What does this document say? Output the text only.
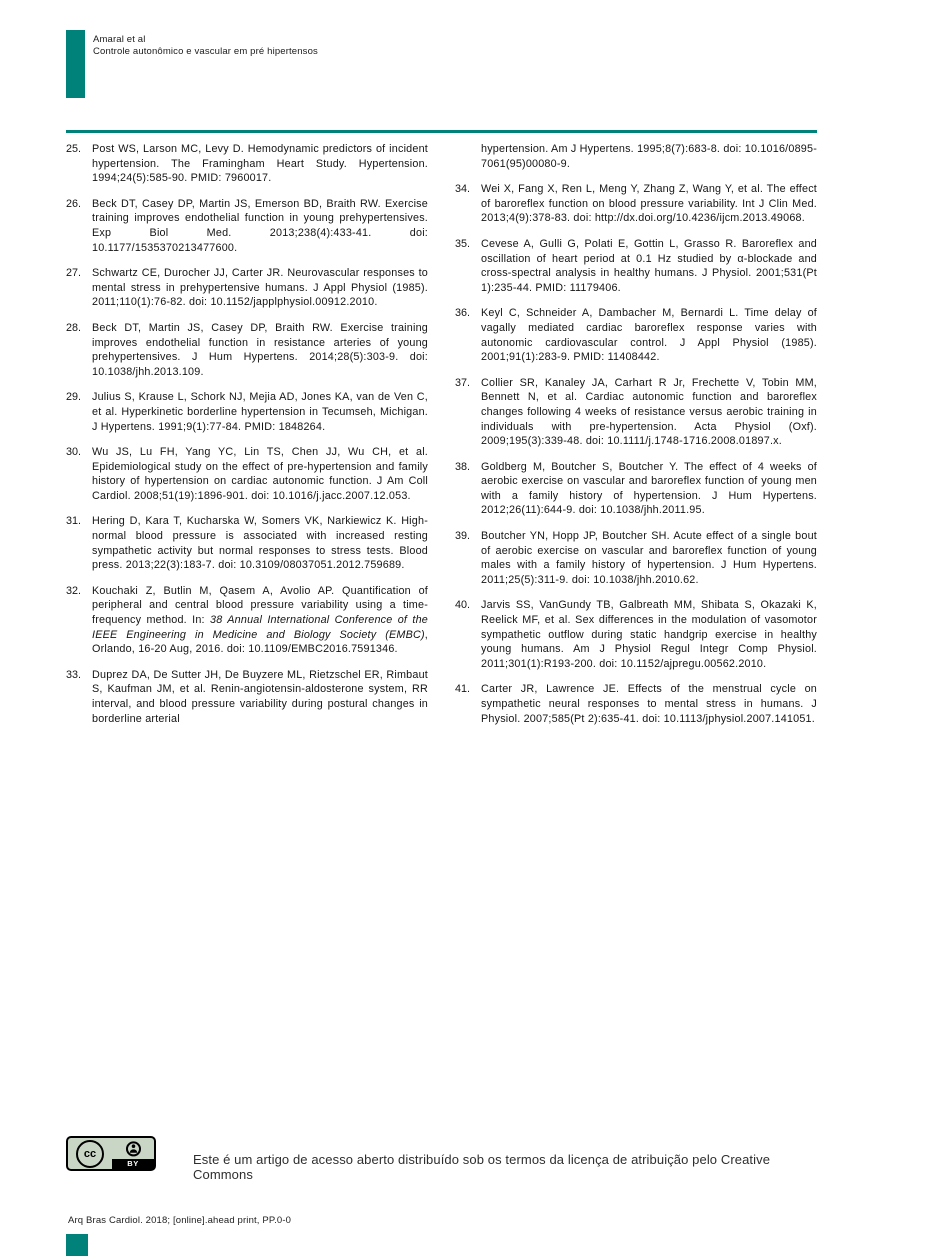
Amaral et al
Controle autonômico e vascular em pré hipertensos
25. Post WS, Larson MC, Levy D. Hemodynamic predictors of incident hypertension. The Framingham Heart Study. Hypertension. 1994;24(5):585-90. PMID: 7960017.
26. Beck DT, Casey DP, Martin JS, Emerson BD, Braith RW. Exercise training improves endothelial function in young prehypertensives. Exp Biol Med. 2013;238(4):433-41. doi: 10.1177/1535370213477600.
27. Schwartz CE, Durocher JJ, Carter JR. Neurovascular responses to mental stress in prehypertensive humans. J Appl Physiol (1985). 2011;110(1):76-82. doi: 10.1152/japplphysiol.00912.2010.
28. Beck DT, Martin JS, Casey DP, Braith RW. Exercise training improves endothelial function in resistance arteries of young prehypertensives. J Hum Hypertens. 2014;28(5):303-9. doi: 10.1038/jhh.2013.109.
29. Julius S, Krause L, Schork NJ, Mejia AD, Jones KA, van de Ven C, et al. Hyperkinetic borderline hypertension in Tecumseh, Michigan. J Hypertens. 1991;9(1):77-84. PMID: 1848264.
30. Wu JS, Lu FH, Yang YC, Lin TS, Chen JJ, Wu CH, et al. Epidemiological study on the effect of pre-hypertension and family history of hypertension on cardiac autonomic function. J Am Coll Cardiol. 2008;51(19):1896-901. doi: 10.1016/j.jacc.2007.12.053.
31. Hering D, Kara T, Kucharska W, Somers VK, Narkiewicz K. High-normal blood pressure is associated with increased resting sympathetic activity but normal responses to stress tests. Blood press. 2013;22(3):183-7. doi: 10.3109/08037051.2012.759689.
32. Kouchaki Z, Butlin M, Qasem A, Avolio AP. Quantification of peripheral and central blood pressure variability using a time-frequency method. In: 38 Annual International Conference of the IEEE Engineering in Medicine and Biology Society (EMBC), Orlando, 16-20 Aug, 2016. doi: 10.1109/EMBC2016.7591346.
33. Duprez DA, De Sutter JH, De Buyzere ML, Rietzschel ER, Rimbaut S, Kaufman JM, et al. Renin-angiotensin-aldosterone system, RR interval, and blood pressure variability during postural changes in borderline arterial
hypertension. Am J Hypertens. 1995;8(7):683-8. doi: 10.1016/0895-7061(95)00080-9.
34. Wei X, Fang X, Ren L, Meng Y, Zhang Z, Wang Y, et al. The effect of baroreflex function on blood pressure variability. Int J Clin Med. 2013;4(9):378-83. doi: http://dx.doi.org/10.4236/ijcm.2013.49068.
35. Cevese A, Gulli G, Polati E, Gottin L, Grasso R. Baroreflex and oscillation of heart period at 0.1 Hz studied by α-blockade and cross-spectral analysis in healthy humans. J Physiol. 2001;531(Pt 1):235-44. PMID: 11179406.
36. Keyl C, Schneider A, Dambacher M, Bernardi L. Time delay of vagally mediated cardiac baroreflex response varies with autonomic cardiovascular control. J Appl Physiol (1985). 2001;91(1):283-9. PMID: 11408442.
37. Collier SR, Kanaley JA, Carhart R Jr, Frechette V, Tobin MM, Bennett N, et al. Cardiac autonomic function and baroreflex changes following 4 weeks of resistance versus aerobic training in individuals with pre-hypertension. Acta Physiol (Oxf). 2009;195(3):339-48. doi: 10.1111/j.1748-1716.2008.01897.x.
38. Goldberg M, Boutcher S, Boutcher Y. The effect of 4 weeks of aerobic exercise on vascular and baroreflex function of young men with a family history of hypertension. J Hum Hypertens. 2012;26(11):644-9. doi: 10.1038/jhh.2011.95.
39. Boutcher YN, Hopp JP, Boutcher SH. Acute effect of a single bout of aerobic exercise on vascular and baroreflex function of young males with a family history of hypertension. J Hum Hypertens. 2011;25(5):311-9. doi: 10.1038/jhh.2010.62.
40. Jarvis SS, VanGundy TB, Galbreath MM, Shibata S, Okazaki K, Reelick MF, et al. Sex differences in the modulation of vasomotor sympathetic outflow during static handgrip exercise in healthy young humans. Am J Physiol Regul Integr Comp Physiol. 2011;301(1):R193-200. doi: 10.1152/ajpregu.00562.2010.
41. Carter JR, Lawrence JE. Effects of the menstrual cycle on sympathetic neural responses to mental stress in humans. J Physiol. 2007;585(Pt 2):635-41. doi: 10.1113/jphysiol.2007.141051.
cc
BY	Este é um artigo de acesso aberto distribuído sob os termos da licença de atribuição pelo Creative Commons
Arq Bras Cardiol. 2018; [online].ahead print, PP.0-0
